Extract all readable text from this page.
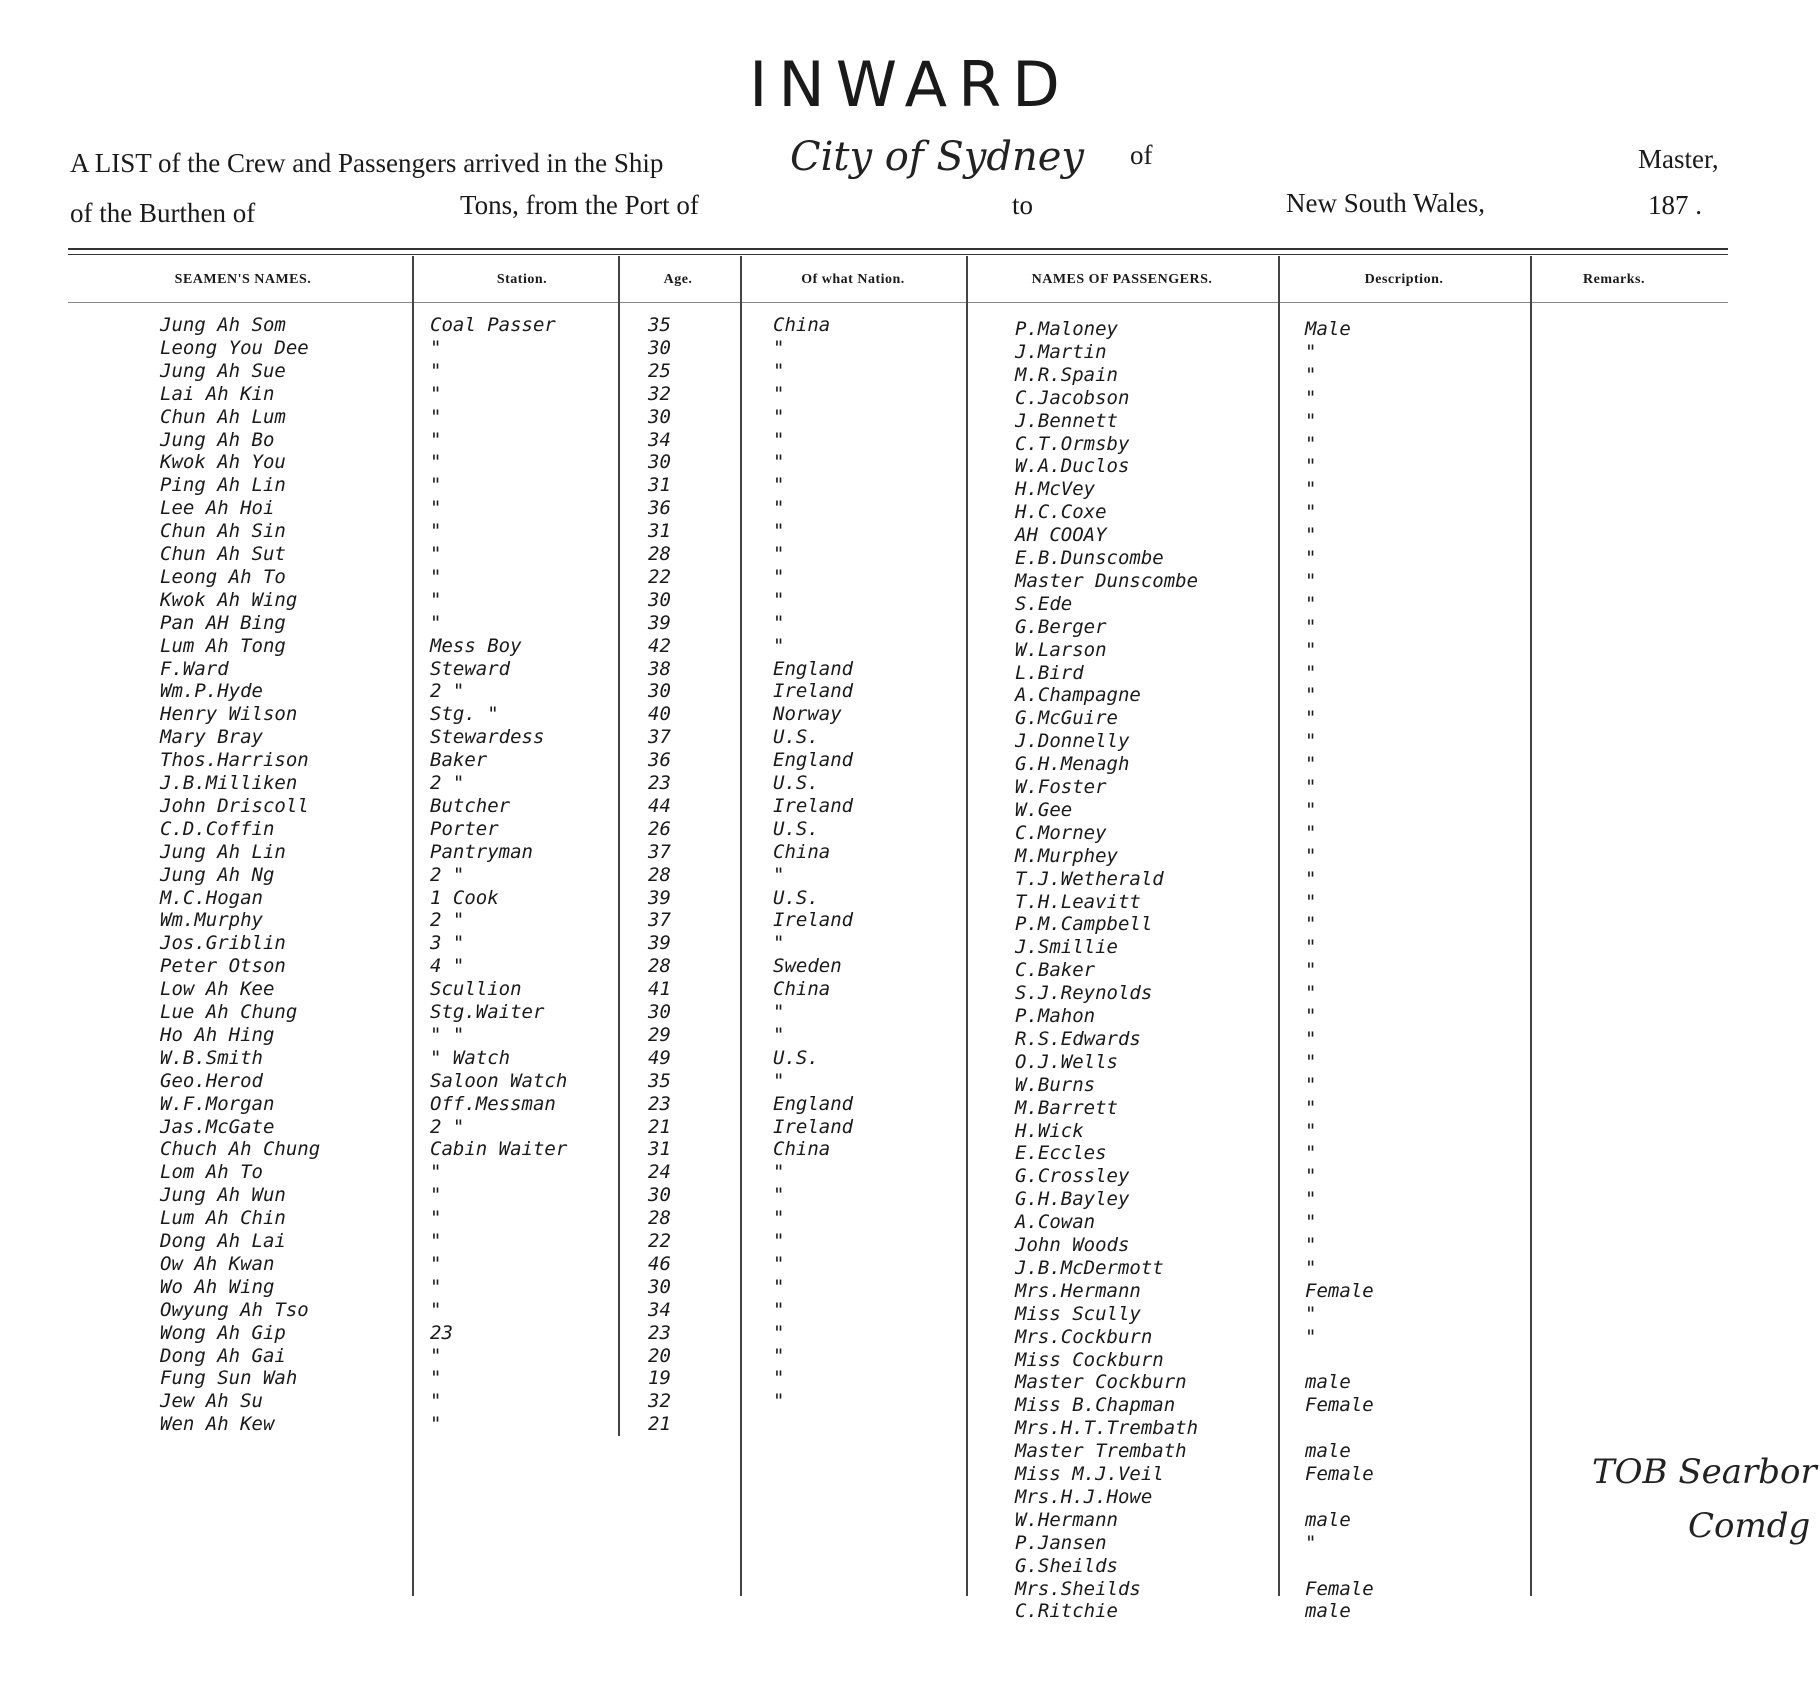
INWARD
A LIST of the Crew and Passengers arrived in the Ship	City of Sydney of	Master,
of the Burthen of	Tons, from the Port of	to	New South Wales,	187 .
SEAMEN'S NAMES.	Station.	Age.	Of what Nation.	NAMES OF PASSENGERS.	Description.	Remarks.
Jung Ah Som	Coal Passer	35	China
Leong You Dee	"	30	"
Jung Ah Sue	"	25	"
Lai Ah Kin	"	32	"
Chun Ah Lum	"	30	"
Jung Ah Bo	"	34	"
Kwok Ah You	"	30	"
Ping Ah Lin	"	31	"
Lee Ah Hoi	"	36	"
Chun Ah Sin	"	31	"
Chun Ah Sut	"	28	"
Leong Ah To	"	22	"
Kwok Ah Wing	"	30	"
Pan AH Bing	"	39	"
Lum Ah Tong	Mess Boy	42	"
F.Ward	Steward	38	England
Wm.P.Hyde	2 "	30	Ireland
Henry Wilson	Stg. "	40	Norway
Mary Bray	Stewardess	37	U.S.
Thos.Harrison	Baker	36	England
J.B.Milliken	2 "	23	U.S.
John Driscoll	Butcher	44	Ireland
C.D.Coffin	Porter	26	U.S.
Jung Ah Lin	Pantryman	37	China
Jung Ah Ng	2 "	28	"
M.C.Hogan	1 Cook	39	U.S.
Wm.Murphy	2 "	37	Ireland
Jos.Griblin	3 "	39	"
Peter Otson	4 "	28	Sweden
Low Ah Kee	Scullion	41	China
Lue Ah Chung	Stg.Waiter	30	"
Ho Ah Hing	" "	29	"
W.B.Smith	" Watch	49	U.S.
Geo.Herod	Saloon Watch	35	"
W.F.Morgan	Off.Messman	23	England
Jas.McGate	2 "	21	Ireland
Chuch Ah Chung	Cabin Waiter	31	China
Lom Ah To	"	24	"
Jung Ah Wun	"	30	"
Lum Ah Chin	"	28	"
Dong Ah Lai	"	22	"
Ow Ah Kwan	"	46	"
Wo Ah Wing	"	30	"
Owyung Ah Tso	"	34	"
Wong Ah Gip	23	23	"
Dong Ah Gai	"	20	"
Fung Sun Wah	"	19	"
Jew Ah Su	"	32	"
Wen Ah Kew	"	21
P.Maloney	Male
J.Martin	"
M.R.Spain	"
C.Jacobson	"
J.Bennett	"
C.T.Ormsby	"
W.A.Duclos	"
H.McVey	"
H.C.Coxe	"
AH COOAY	"
E.B.Dunscombe	"
Master Dunscombe	"
S.Ede	"
G.Berger	"
W.Larson	"
L.Bird	"
A.Champagne	"
G.McGuire	"
J.Donnelly	"
G.H.Menagh	"
W.Foster	"
W.Gee	"
C.Morney	"
M.Murphey	"
T.J.Wetherald	"
T.H.Leavitt	"
P.M.Campbell	"
J.Smillie	"
C.Baker	"
S.J.Reynolds	"
P.Mahon	"
R.S.Edwards	"
O.J.Wells	"
W.Burns	"
M.Barrett	"
H.Wick	"
E.Eccles	"
G.Crossley	"
G.H.Bayley	"
A.Cowan	"
John Woods	"
J.B.McDermott	"
Mrs.Hermann	Female
Miss Scully	"
Mrs.Cockburn	"
Miss Cockburn
Master Cockburn	male
Miss B.Chapman	Female
Mrs.H.T.Trembath
Master Trembath	male
Miss M.J.Veil	Female
Mrs.H.J.Howe
W.Hermann	male
P.Jansen	"
G.Sheilds
Mrs.Sheilds	Female
C.Ritchie	male
TOB Searbor
Comdg
